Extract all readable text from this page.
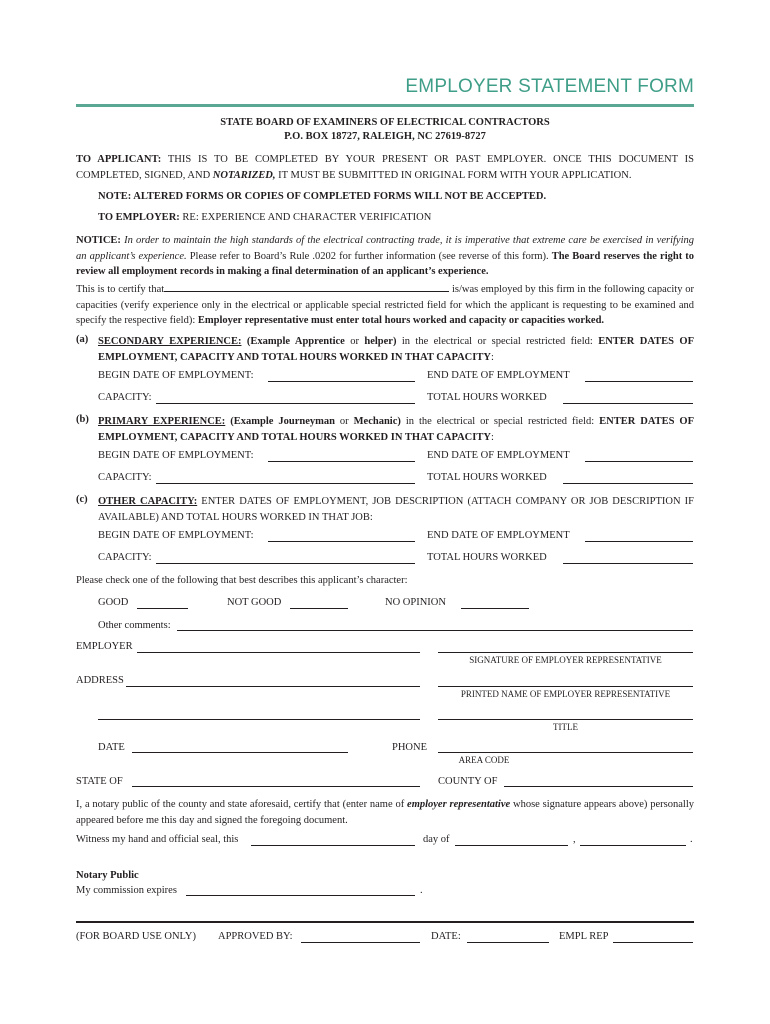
EMPLOYER STATEMENT FORM
STATE BOARD OF EXAMINERS OF ELECTRICAL CONTRACTORS
P.O. BOX 18727, RALEIGH, NC 27619-8727
TO APPLICANT: THIS IS TO BE COMPLETED BY YOUR PRESENT OR PAST EMPLOYER. ONCE THIS DOCUMENT IS COMPLETED, SIGNED, AND NOTARIZED, IT MUST BE SUBMITTED IN ORIGINAL FORM WITH YOUR APPLICATION.
NOTE: ALTERED FORMS OR COPIES OF COMPLETED FORMS WILL NOT BE ACCEPTED.
TO EMPLOYER: RE: EXPERIENCE AND CHARACTER VERIFICATION
NOTICE: In order to maintain the high standards of the electrical contracting trade, it is imperative that extreme care be exercised in verifying an applicant’s experience. Please refer to Board’s Rule .0202 for further information (see reverse of this form). The Board reserves the right to review all employment records in making a final determination of an applicant’s experience.
This is to certify that	is/was employed by this firm in the following capacity or capacities (verify experience only in the electrical or applicable special restricted field for which the applicant is requesting to be examined and specify the respective field): Employer representative must enter total hours worked and capacity or capacities worked.
(a) SECONDARY EXPERIENCE: (Example Apprentice or helper) in the electrical or special restricted field: ENTER DATES OF EMPLOYMENT, CAPACITY AND TOTAL HOURS WORKED IN THAT CAPACITY:
BEGIN DATE OF EMPLOYMENT:	END DATE OF EMPLOYMENT
CAPACITY:	TOTAL HOURS WORKED
(b) PRIMARY EXPERIENCE: (Example Journeyman or Mechanic) in the electrical or special restricted field: ENTER DATES OF EMPLOYMENT, CAPACITY AND TOTAL HOURS WORKED IN THAT CAPACITY:
BEGIN DATE OF EMPLOYMENT:	END DATE OF EMPLOYMENT
CAPACITY:	TOTAL HOURS WORKED
(c) OTHER CAPACITY: ENTER DATES OF EMPLOYMENT, JOB DESCRIPTION (ATTACH COMPANY OR JOB DESCRIPTION IF AVAILABLE) AND TOTAL HOURS WORKED IN THAT JOB:
BEGIN DATE OF EMPLOYMENT:	END DATE OF EMPLOYMENT
CAPACITY:	TOTAL HOURS WORKED
Please check one of the following that best describes this applicant’s character:
GOOD	NOT GOOD	NO OPINION
Other comments:
EMPLOYER
SIGNATURE OF EMPLOYER REPRESENTATIVE
ADDRESS
PRINTED NAME OF EMPLOYER REPRESENTATIVE
TITLE
DATE	PHONE
AREA CODE
STATE OF	COUNTY OF
I, a notary public of the county and state aforesaid, certify that (enter name of employer representative whose signature appears above) personally appeared before me this day and signed the foregoing document.
Witness my hand and official seal, this	day of	,	.
Notary Public
My commission expires	.
(FOR BOARD USE ONLY) APPROVED BY:	DATE:	EMPL REP
